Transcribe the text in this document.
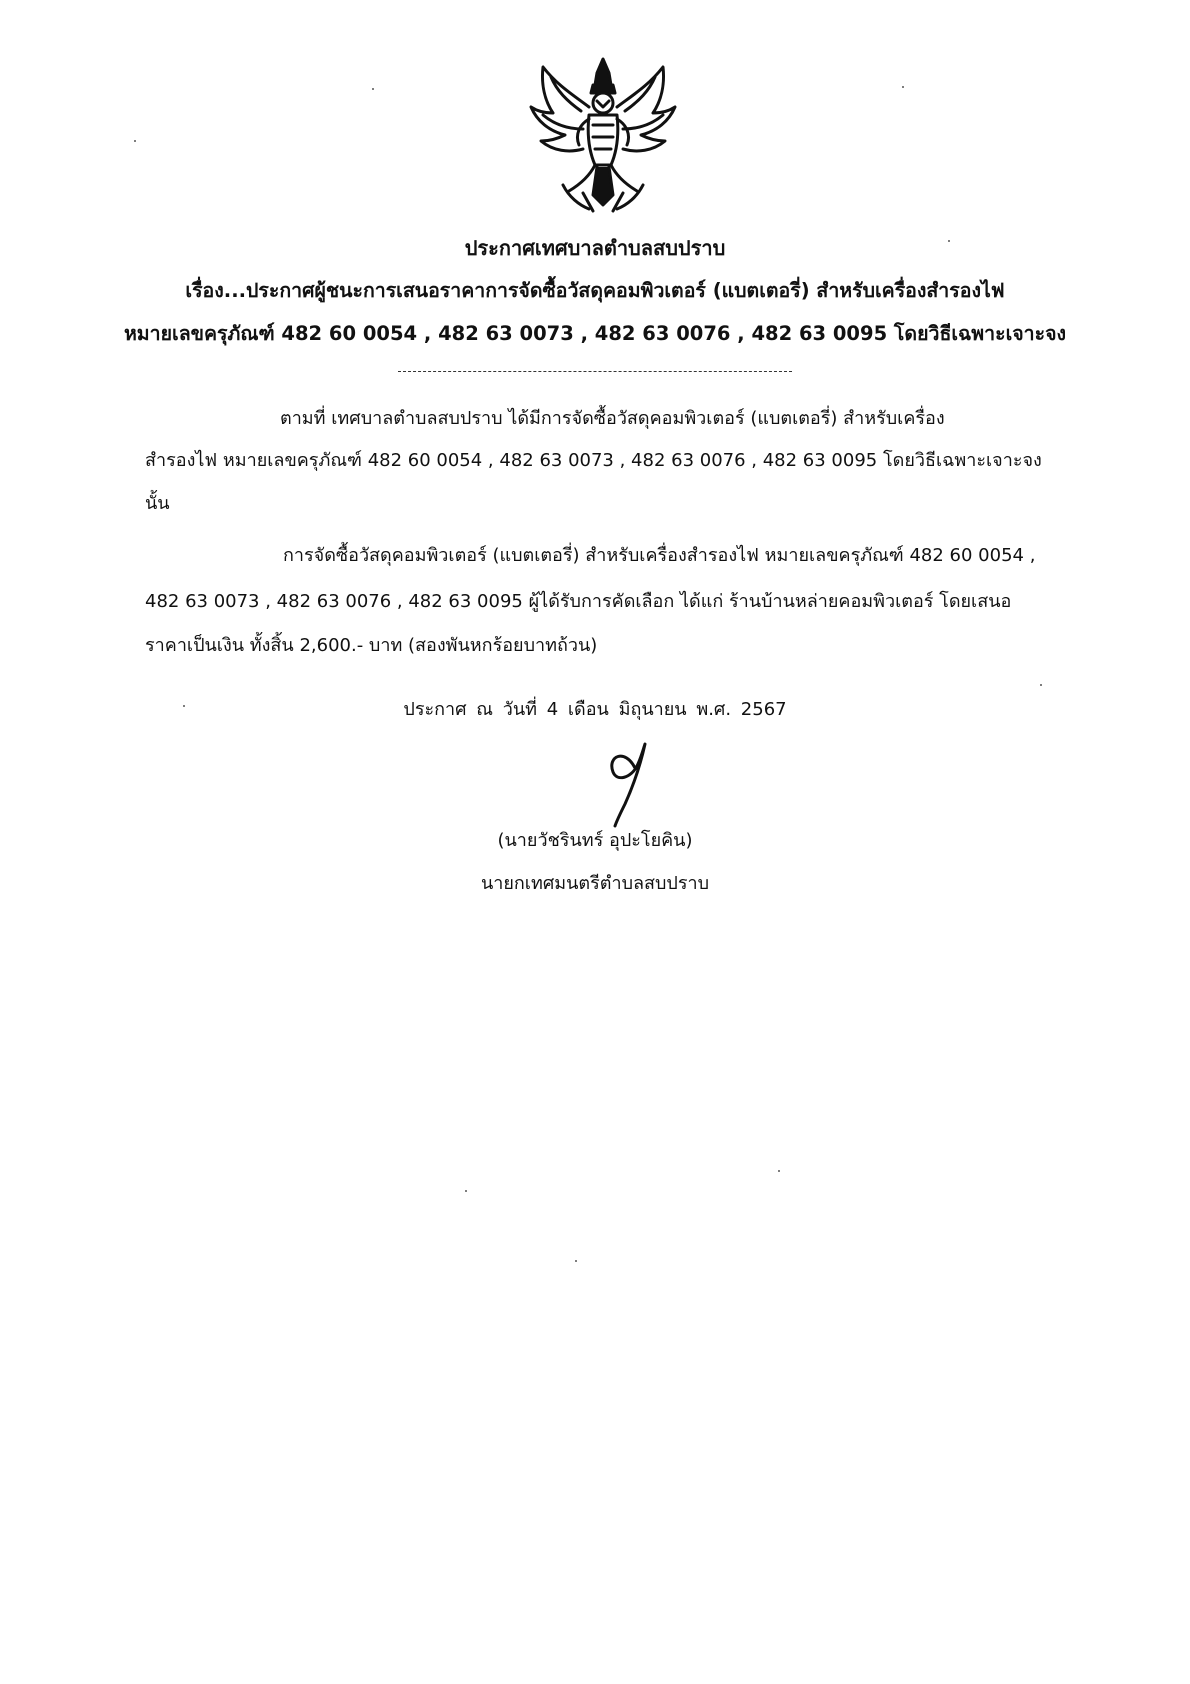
ประกาศเทศบาลตำบลสบปราบ
เรื่อง...ประกาศผู้ชนะการเสนอราคาการจัดซื้อวัสดุคอมพิวเตอร์ (แบตเตอรี่) สำหรับเครื่องสำรองไฟ
หมายเลขครุภัณฑ์ 482 60 0054 , 482 63 0073 , 482 63 0076 , 482 63 0095 โดยวิธีเฉพาะเจาะจง
ตามที่ เทศบาลตำบลสบปราบ ได้มีการจัดซื้อวัสดุคอมพิวเตอร์ (แบตเตอรี่) สำหรับเครื่อง
สำรองไฟ หมายเลขครุภัณฑ์ 482 60 0054 , 482 63 0073 , 482 63 0076 , 482 63 0095 โดยวิธีเฉพาะเจาะจง
นั้น
การจัดซื้อวัสดุคอมพิวเตอร์ (แบตเตอรี่) สำหรับเครื่องสำรองไฟ หมายเลขครุภัณฑ์ 482 60 0054 ,
482 63 0073 , 482 63 0076 , 482 63 0095 ผู้ได้รับการคัดเลือก ได้แก่ ร้านบ้านหล่ายคอมพิวเตอร์ โดยเสนอ
ราคาเป็นเงิน ทั้งสิ้น 2,600.- บาท (สองพันหกร้อยบาทถ้วน)
ประกาศ ณ วันที่ 4 เดือน มิถุนายน พ.ศ. 2567
(นายวัชรินทร์ อุปะโยคิน)
นายกเทศมนตรีตำบลสบปราบ
